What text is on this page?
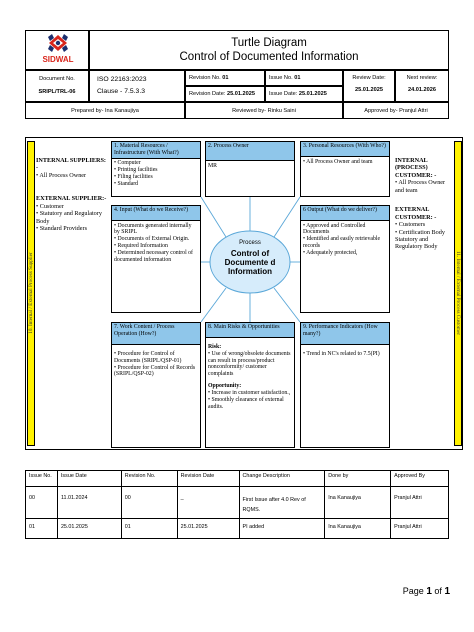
SIDWAL
Turtle Diagram
Control of Documented Information
Document No.
SRIPL/TRL-06
ISO 22163:2023
Clause - 7.5.3.3
Revision No. 01
Revision Date: 25.01.2025
Issue No. 01
Issue Date: 25.01.2025
Review Date:
25.01.2025
Next review:
24.01.2026
Prepared by- Ina Kanaujiya	Reviewed by- Rinku Saini	Approved by- Pranjul Attri
10. Internal / External Process Supplier	11. Internal / External Process Customer
INTERNAL SUPPLIERS: -
• All Process Owner
EXTERNAL SUPPLIER:-
• Customer
• Statutory and Regulatory Body
• Standard Providers
INTERNAL (PROCESS) CUSTOMER: -
• All Process Owner and team
EXTERNAL CUSTOMER: -
• Customers
• Certification Body
Statutory and Regulatory Body
Process
Control of Documente d Information
1. Material Resources / Infrastructure (With What?)
• Computer
• Printing facilities
• Filing facilities
• Standard
2. Process Owner
MR
3. Personal Resources (With Who?)
• All Process Owner and team
4. Input (What do we Receive?)
• Documents generated internally by SRIPL
• Documents of External Origin.
• Required Information
• Determined necessary control of documented information
6 Output (What do we deliver?)
• Approved and Controlled Documents
• Identified and easily retrievable records
• Adequately protected,
7. Work Content / Process Operation (How?)
• Procedure for Control of Documents (SRIPL/QSP-01)
• Procedure for Control of Records (SRIPL/QSP-02)
8. Main Risks & Opportunities
Risk:
• Use of wrong/obsolete documents can result in process/product nonconformity/ customer complaints
Opportunity:
• Increase in customer satisfaction.,
• Smoothly clearance of external audits.
9. Performance Indicators (How many?)
• Trend in NC's related to 7.5(PI)
Issue No.	Issue Date	Revision No.	Revision Date	Change Description	Done by	Approved By
00	11.01.2024	00	_	First Issue after 4.0 Rev of RQMS.	Ina Kanaujiya	Pranjul Attri
01	25.01.2025	01	25.01.2025	PI added	Ina Kanaujiya	Pranjul Attri
Page 1 of 1
